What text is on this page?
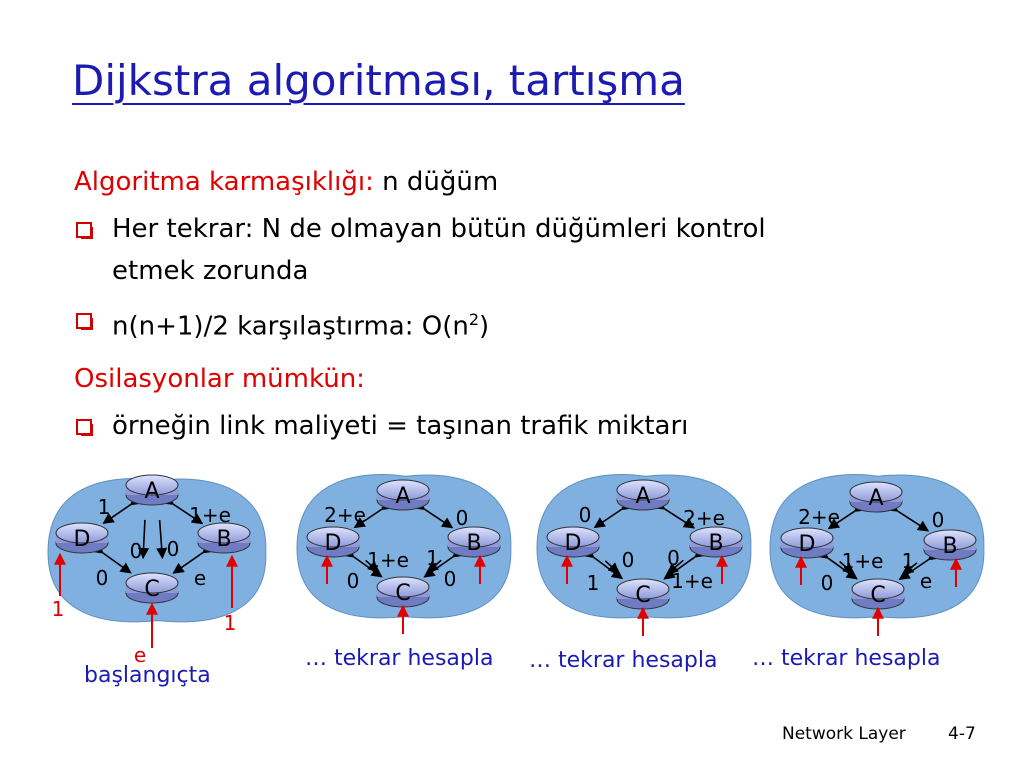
Dijkstra algoritması, tartışma
Algoritma karmaşıklığı: n düğüm
Her tekrar: N de olmayan bütün düğümleri kontrol
etmek zorunda
n(n+1)/2 karşılaştırma: $O(n^2)$
Osilasyonlar mümkün:
örneğin link maliyeti = taşınan trafik miktarı
A
B
C
D
1	1+e
0	e
0 0
1
e
1
A
B
C
D
2+e	0
0	0
1+e 1
A
B
C
D
0	2+e
1	1+e
0 0
A
B
C
D
2+e	0
0	e
1+e 1
başlangıçta
… tekrar hesapla … tekrar hesapla … tekrar hesapla
Network Layer 4-7
